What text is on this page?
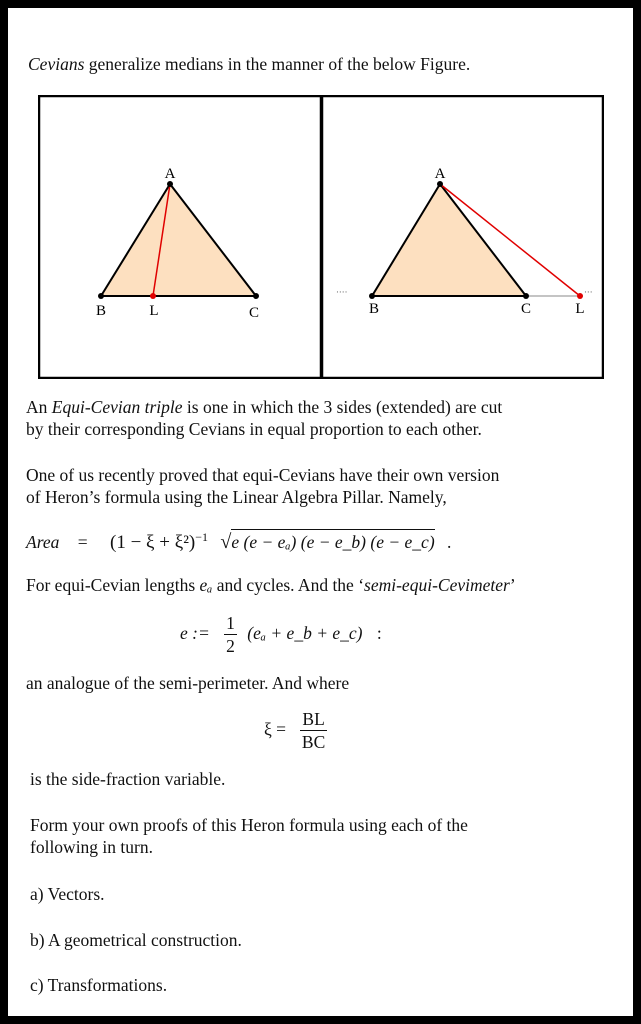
Cevians generalize medians in the manner of the below Figure.
A
B	L	C
····	···
A
B	C	L
An Equi-Cevian triple is one in which the 3 sides (extended) are cut
by their corresponding Cevians in equal proportion to each other.
One of us recently proved that equi-Cevians have their own version
of Heron’s formula using the Linear Algebra Pillar. Namely,
Area = $(1 - \xi + \xi^2)^{-1}$ √e (e − eₐ) (e − e_b) (e − e_c) .
For equi-Cevian lengths eₐ and cycles. And the ‘semi-equi-Cevimeter’
e := $\frac{1}{2} (e_a$ + e_b + e_c) :
an analogue of the semi-perimeter. And where
$\xi = \frac{BL}{BC}$
is the side-fraction variable.
Form your own proofs of this Heron formula using each of the
following in turn.
a) Vectors.
b) A geometrical construction.
c) Transformations.
